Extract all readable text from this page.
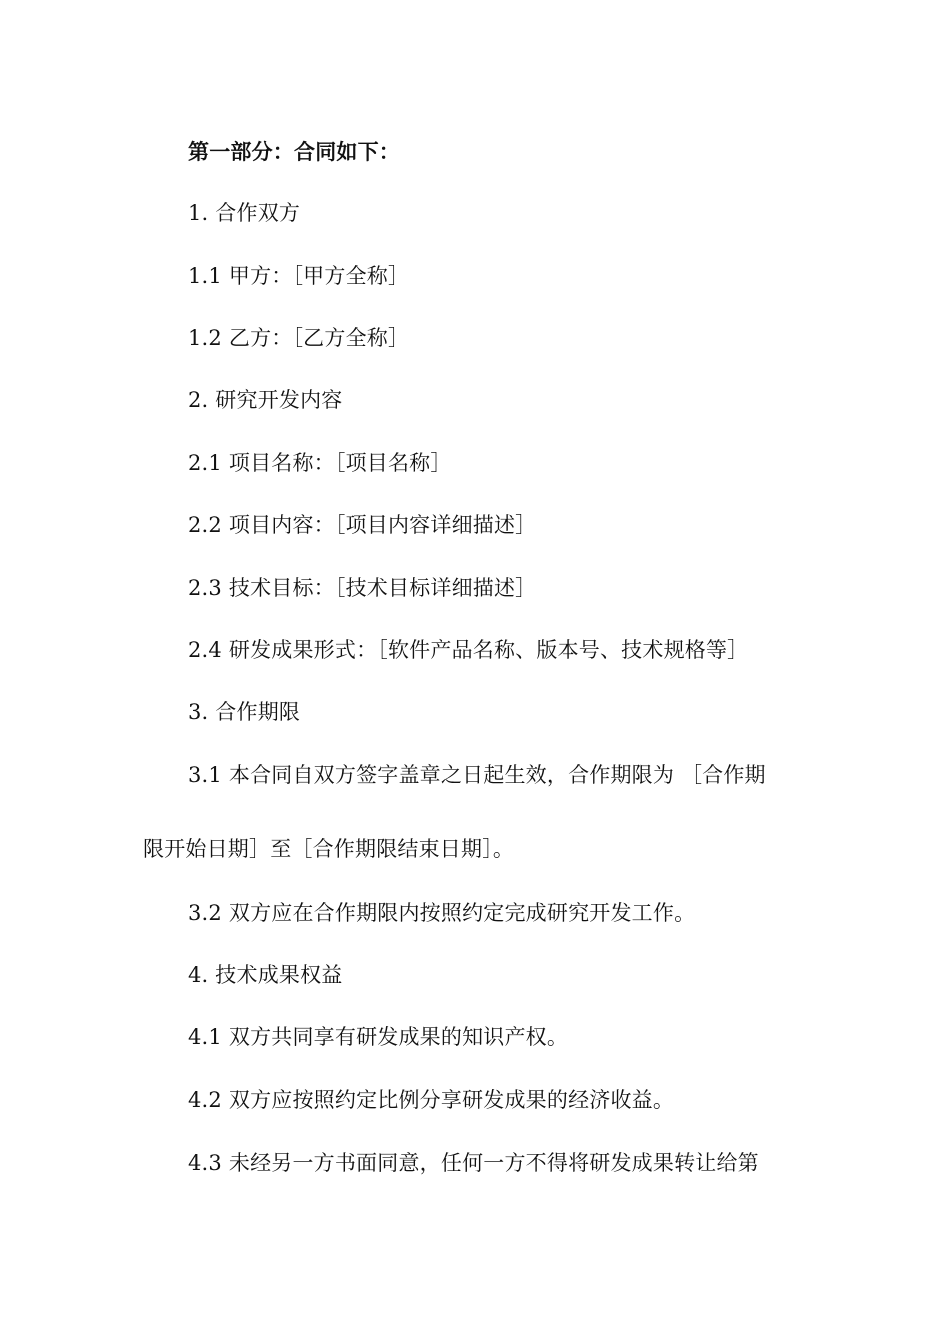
第一部分：合同如下：
1. 合作双方
1.1 甲方：［甲方全称］
1.2 乙方：［乙方全称］
2. 研究开发内容
2.1 项目名称：［项目名称］
2.2 项目内容：［项目内容详细描述］
2.3 技术目标：［技术目标详细描述］
2.4 研发成果形式：［软件产品名称、版本号、技术规格等］
3. 合作期限
3.1 本合同自双方签字盖章之日起生效，合作期限为 ［合作期
限开始日期］至［合作期限结束日期］。
3.2 双方应在合作期限内按照约定完成研究开发工作。
4. 技术成果权益
4.1 双方共同享有研发成果的知识产权。
4.2 双方应按照约定比例分享研发成果的经济收益。
4.3 未经另一方书面同意，任何一方不得将研发成果转让给第
